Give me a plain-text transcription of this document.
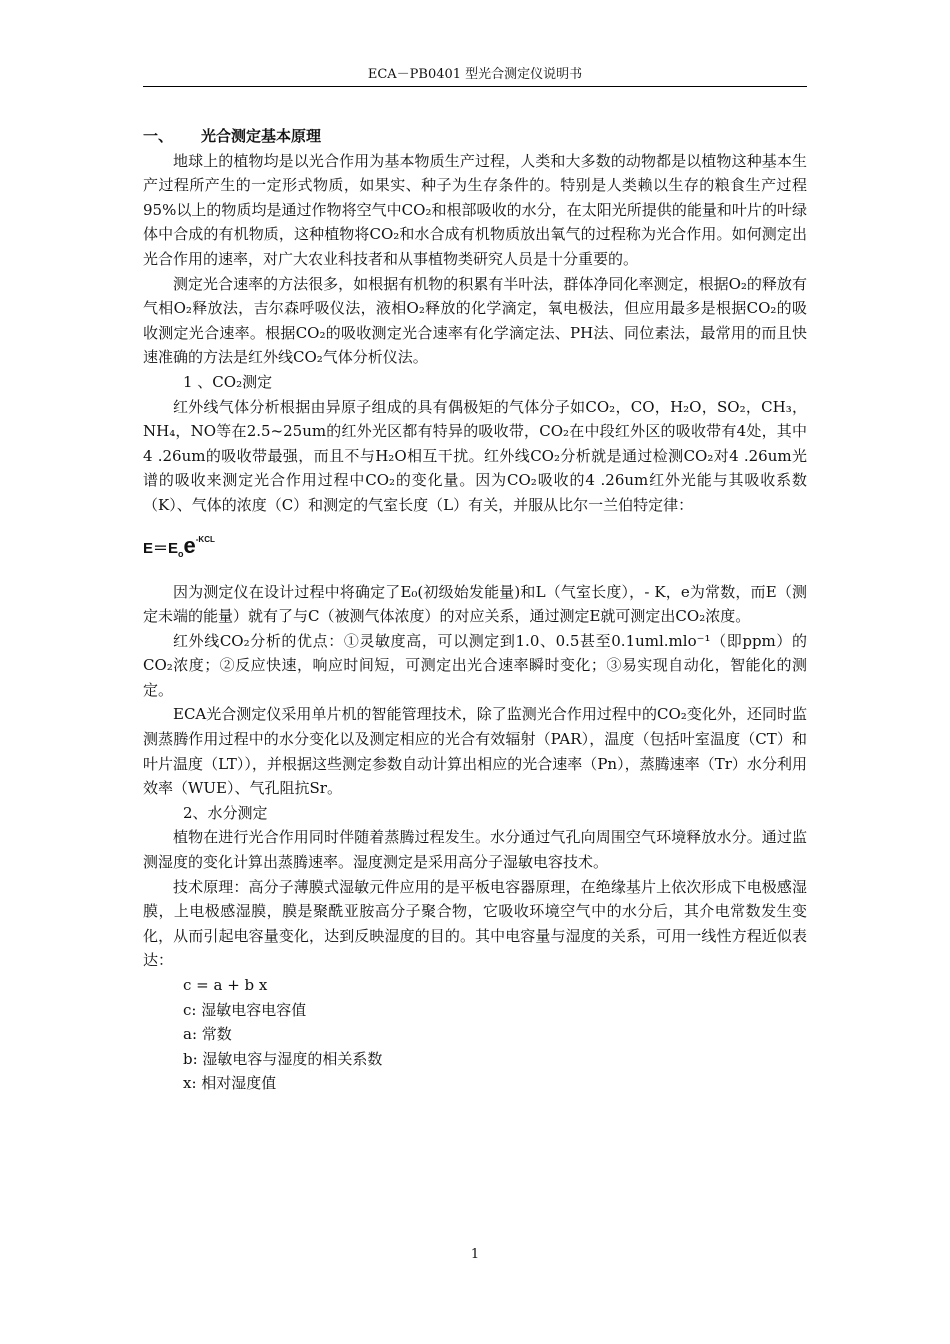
ECA－PB0401 型光合测定仪说明书

一、 光合测定基本原理

地球上的植物均是以光合作用为基本物质生产过程，人类和大多数的动物都是以植物这种基本生产过程所产生的一定形式物质，如果实、种子为生存条件的。特别是人类赖以生存的粮食生产过程95%以上的物质均是通过作物将空气中CO₂和根部吸收的水分，在太阳光所提供的能量和叶片的叶绿体中合成的有机物质，这种植物将CO₂和水合成有机物质放出氧气的过程称为光合作用。如何测定出光合作用的速率，对广大农业科技者和从事植物类研究人员是十分重要的。

测定光合速率的方法很多，如根据有机物的积累有半叶法，群体净同化率测定，根据O₂的释放有气相O₂释放法，吉尔森呼吸仪法，液相O₂释放的化学滴定，氧电极法，但应用最多是根据CO₂的吸收测定光合速率。根据CO₂的吸收测定光合速率有化学滴定法、PH法、同位素法，最常用的而且快速准确的方法是红外线CO₂气体分析仪法。

1 、CO₂测定

红外线气体分析根据由异原子组成的具有偶极矩的气体分子如CO₂，CO，H₂O，SO₂，CH₃，NH₄，NO等在2.5~25um的红外光区都有特异的吸收带，CO₂在中段红外区的吸收带有4处，其中4 .26um的吸收带最强，而且不与H₂O相互干扰。红外线CO₂分析就是通过检测CO₂对4 .26um光谱的吸收来测定光合作用过程中CO₂的变化量。因为CO₂吸收的4 .26um红外光能与其吸收系数（K）、气体的浓度（C）和测定的气室长度（L）有关，并服从比尔一兰伯特定律：

$E=E_oe^{-KCL}$

因为测定仪在设计过程中将确定了E₀(初级始发能量)和L（气室长度），- K，e为常数，而E（测定未端的能量）就有了与C（被测气体浓度）的对应关系，通过测定E就可测定出CO₂浓度。

红外线CO₂分析的优点：①灵敏度高，可以测定到1.0、0.5甚至0.1uml.mlo⁻¹（即ppm）的CO₂浓度；②反应快速，响应时间短，可测定出光合速率瞬时变化；③易实现自动化，智能化的测定。

ECA光合测定仪采用单片机的智能管理技术，除了监测光合作用过程中的CO₂变化外，还同时监测蒸腾作用过程中的水分变化以及测定相应的光合有效辐射（PAR），温度（包括叶室温度（CT）和叶片温度（LT）），并根据这些测定参数自动计算出相应的光合速率（Pn），蒸腾速率（Tr）水分利用效率（WUE）、气孔阻抗Sr。

2、水分测定

植物在进行光合作用同时伴随着蒸腾过程发生。水分通过气孔向周围空气环境释放水分。通过监测湿度的变化计算出蒸腾速率。湿度测定是采用高分子湿敏电容技术。

技术原理：高分子薄膜式湿敏元件应用的是平板电容器原理，在绝缘基片上依次形成下电极感湿膜，上电极感湿膜，膜是聚酰亚胺高分子聚合物，它吸收环境空气中的水分后，其介电常数发生变化，从而引起电容量变化，达到反映湿度的目的。其中电容量与湿度的关系，可用一线性方程近似表达：

c = a + b x

c: 湿敏电容电容值

a: 常数

b: 湿敏电容与湿度的相关系数

x: 相对湿度值

1
